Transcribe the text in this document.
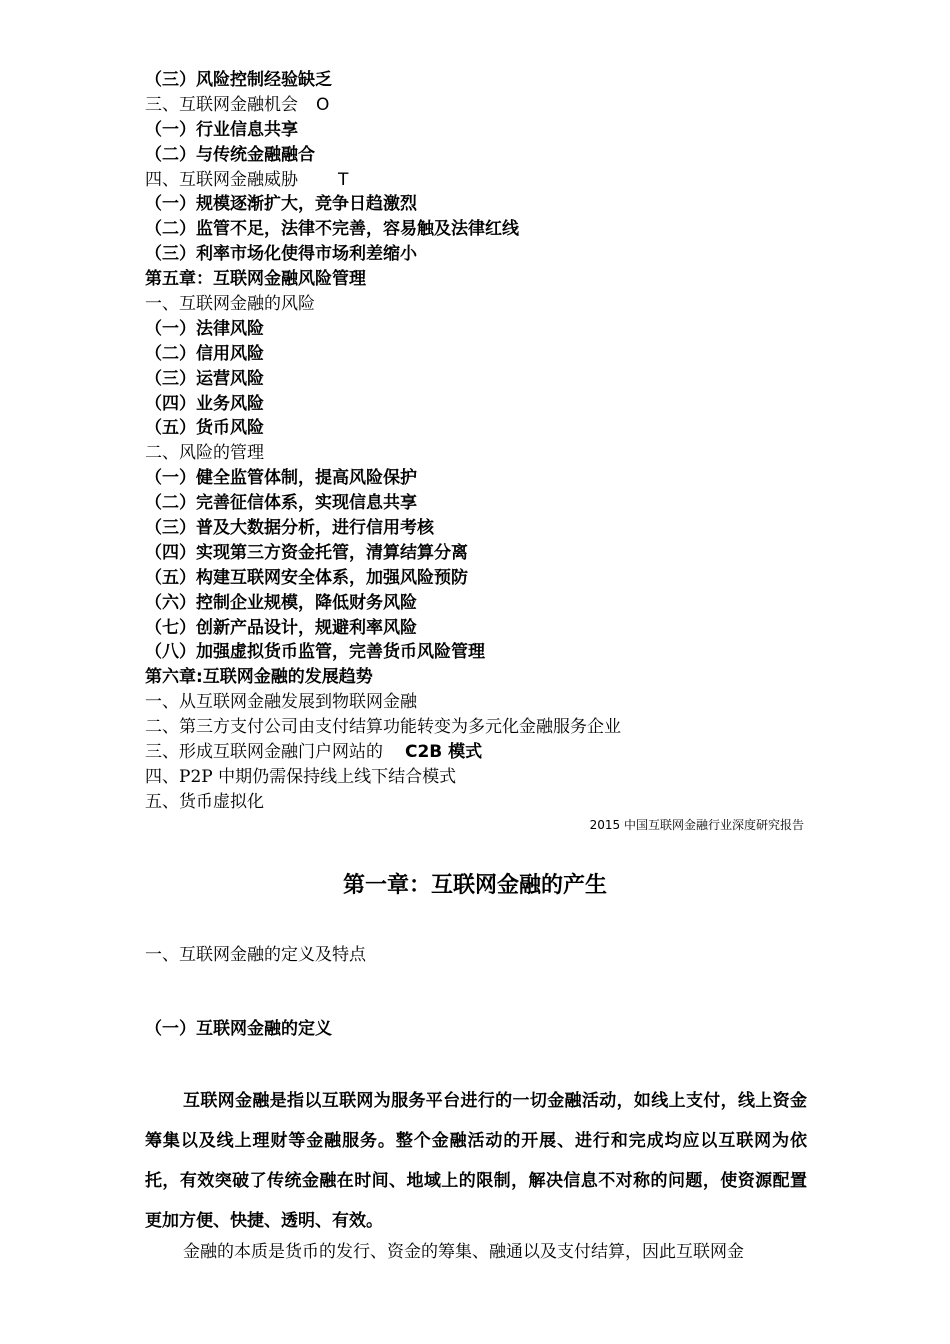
（三）风险控制经验缺乏
三、互联网金融机会 O
（一）行业信息共享
（二）与传统金融融合
四、互联网金融威胁 T
（一）规模逐渐扩大，竞争日趋激烈
（二）监管不足，法律不完善，容易触及法律红线
（三）利率市场化使得市场利差缩小
第五章：互联网金融风险管理
一、互联网金融的风险
（一）法律风险
（二）信用风险
（三）运营风险
（四）业务风险
（五）货币风险
二、风险的管理
（一）健全监管体制，提高风险保护
（二）完善征信体系，实现信息共享
（三）普及大数据分析，进行信用考核
（四）实现第三方资金托管，清算结算分离
（五）构建互联网安全体系，加强风险预防
（六）控制企业规模，降低财务风险
（七）创新产品设计，规避利率风险
（八）加强虚拟货币监管，完善货币风险管理
第六章:互联网金融的发展趋势
一、从互联网金融发展到物联网金融
二、第三方支付公司由支付结算功能转变为多元化金融服务企业
三、形成互联网金融门户网站的 C2B 模式
四、P2P 中期仍需保持线上线下结合模式
五、货币虚拟化
2015 中国互联网金融行业深度研究报告
第一章：互联网金融的产生
一、互联网金融的定义及特点
（一）互联网金融的定义

互联网金融是指以互联网为服务平台进行的一切金融活动，如线上支付，线上资金筹集以及线上理财等金融服务。整个金融活动的开展、进行和完成均应以互联网为依托，有效突破了传统金融在时间、地域上的限制，解决信息不对称的问题，使资源配置更加方便、快捷、透明、有效。

金融的本质是货币的发行、资金的筹集、融通以及支付结算，因此互联网金
